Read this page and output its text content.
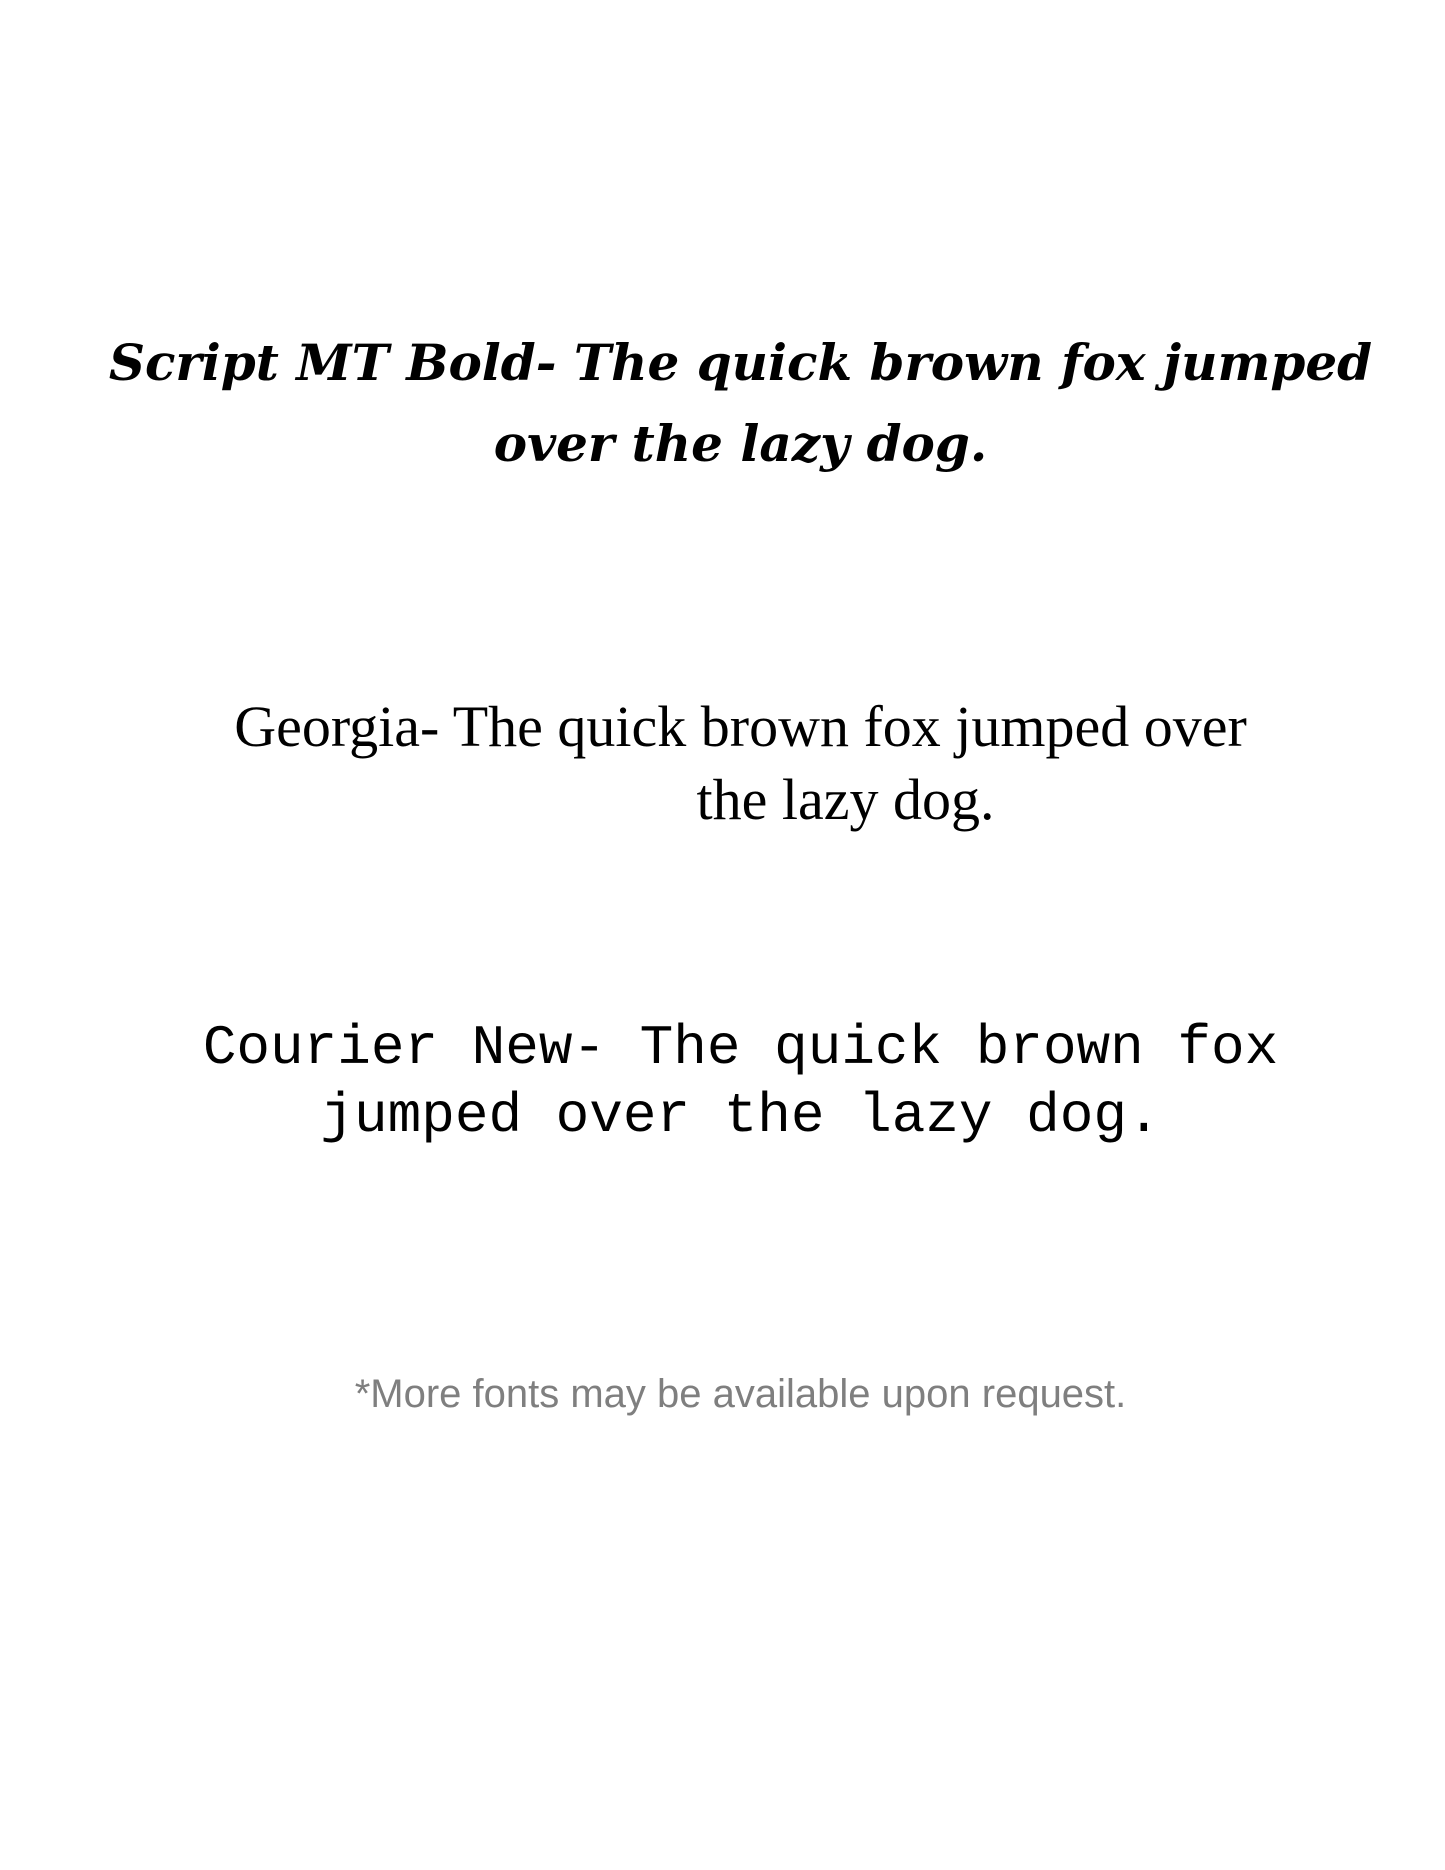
Script MT Bold- The quick brown fox jumped
over the lazy dog.
Georgia- The quick brown fox jumped over
the lazy dog.
Courier New- The quick brown fox
jumped over the lazy dog.
*More fonts may be available upon request.
